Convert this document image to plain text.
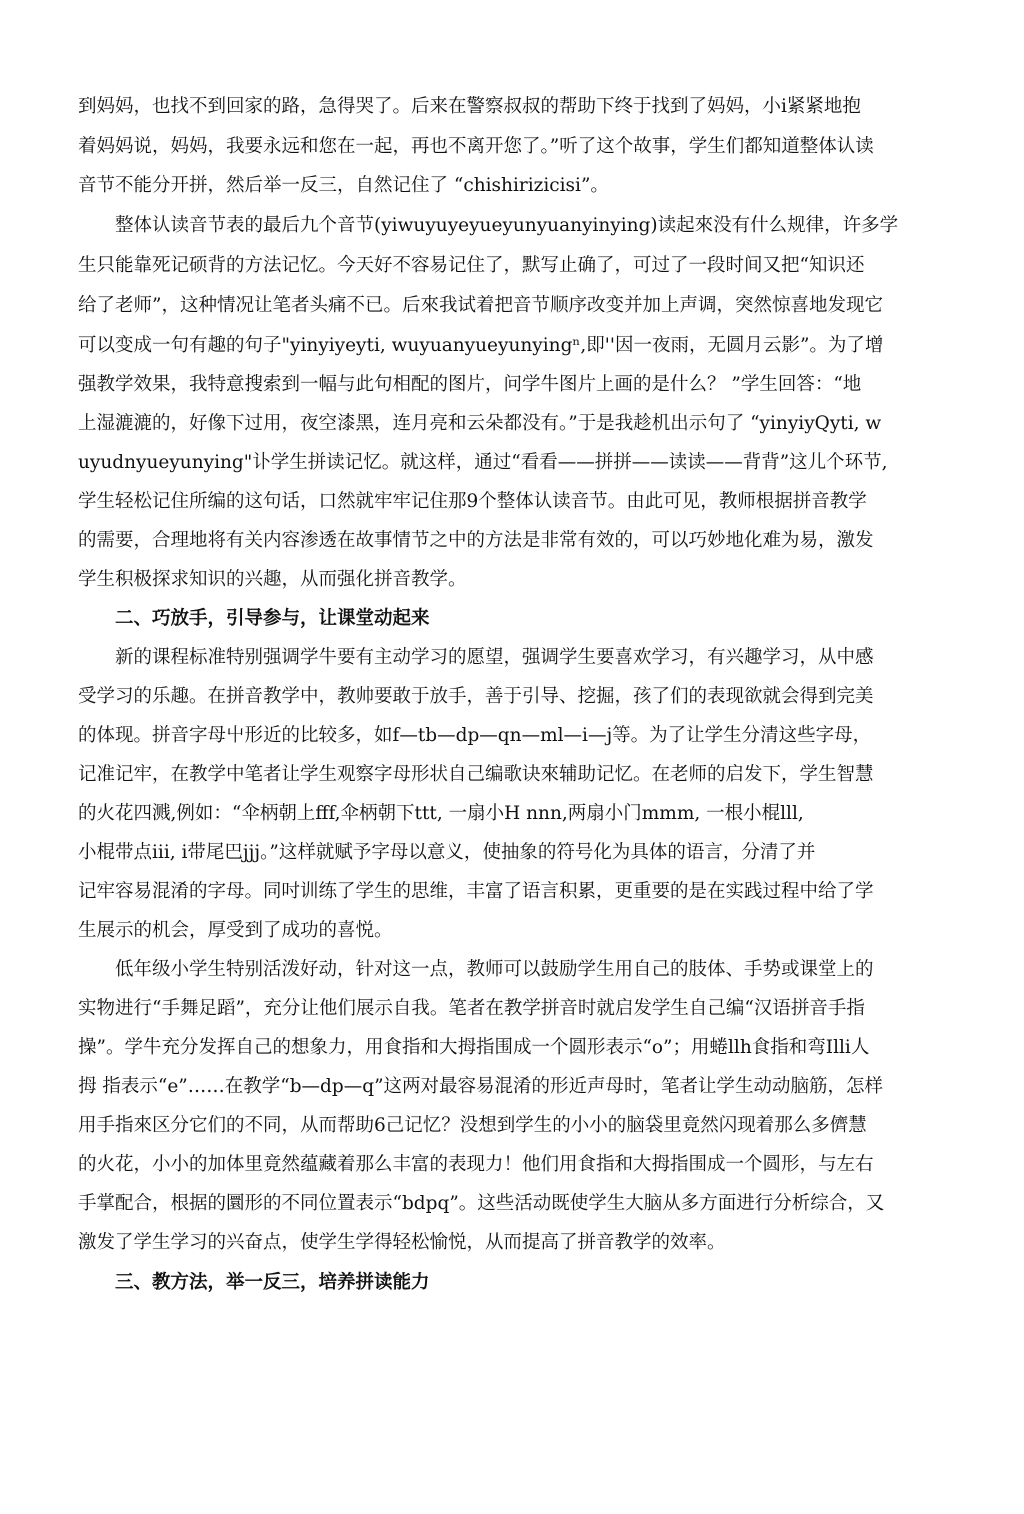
到妈妈，也找不到回家的路，急得哭了。后来在警察叔叔的帮助下终于找到了妈妈，小i紧紧地抱

着妈妈说，妈妈，我要永远和您在一起，再也不离开您了。”听了这个故事，学生们都知道整体认读

音节不能分开拼，然后举一反三，自然记住了 “chishirizicisi”。

整体认读音节表的最后九个音节(yiwuyuyeyueyunyuanyinying)读起來没有什么规律，许多学

生只能靠死记硕背的方法记忆。今天好不容易记住了，默写止确了，可过了一段时间又把“知识还

给了老师”，这种情况让笔者头痛不已。后來我试着把音节顺序改变并加上声调，突然惊喜地发现它

可以变成一句有趣的句子"yinyiyeyti, wuyuanyueyunyingⁿ,即''因一夜雨，无圆月云影”。为了增

强教学效果，我特意搜索到一幅与此句相配的图片，问学牛图片上画的是什么？ ”学生回答：“地

上湿漉漉的，好像下过用，夜空漆黑，连月亮和云朵都没有。”于是我趁机出示句了 “yinyiyQyti, w

uyudnyueyunying"讣学生拼读记忆。就这样，通过“看看——拼拼——读读——背背”这儿个环节,

学生轻松记住所编的这句话，口然就牢牢记住那9个整体认读音节。由此可见，教师根据拼音教学

的需要，合理地将有关内容渗透在故事情节之中的方法是非常有效的，可以巧妙地化难为易，激发

学生积极探求知识的兴趣，从而强化拼音教学。

二、巧放手，引导参与，让课堂动起来

新的课程标准特别强调学牛要有主动学习的愿望，强调学生要喜欢学习，有兴趣学习，从中感

受学习的乐趣。在拼音教学中，教帅要敢于放手，善于引导、挖掘，孩了们的表现欲就会得到完美

的体现。拼音字母屮形近的比较多，如f—tb—dp—qn—ml—i—j等。为了让学生分清这些字母，

记准记牢，在教学中笔者让学生观察字母形状自己编歌诀來辅助记忆。在老师的启发下，学生智慧

的火花四溅,例如：“伞柄朝上fff,伞柄朝下ttt, 一扇小H nnn,两扇小门mmm, 一根小棍lll,

小棍带点iii, i带尾巴jjj。”这样就赋予字母以意义，使抽象的符号化为具体的语言，分清了并

记牢容易混淆的字母。同吋训练了学生的思维，丰富了语言积累，更重要的是在实践过程中给了学

生展示的机会，厚受到了成功的喜悦。

低年级小学生特别活泼好动，针对这一点，教师可以鼓励学生用自己的肢体、手势或课堂上的

实物进行“手舞足蹈”，充分让他们展示自我。笔者在教学拼音时就启发学生自己编“汉语拼音手指

操”。学牛充分发挥自己的想象力，用食指和大拇指围成一个圆形表示“o”；用蜷llh食指和弯Illi人

拇 指表示“e”……在教学“b—dp—q”这两对最容易混淆的形近声母时，笔者让学生动动脑筋，怎样

用手指來区分它们的不同，从而帮助6己记忆？没想到学生的小小的脑袋里竟然闪现着那么多儕慧

的火花，小小的加体里竟然蕴藏着那么丰富的表现力！他们用食指和大拇指围成一个圆形，与左右

手掌配合，根据的圜形的不同位置表示“bdpq”。这些活动既使学生大脑从多方面进行分析综合，又

激发了学生学习的兴奋点，使学生学得轻松愉悦，从而提高了拼音教学的效率。

三、教方法，举一反三，培养拼读能力
